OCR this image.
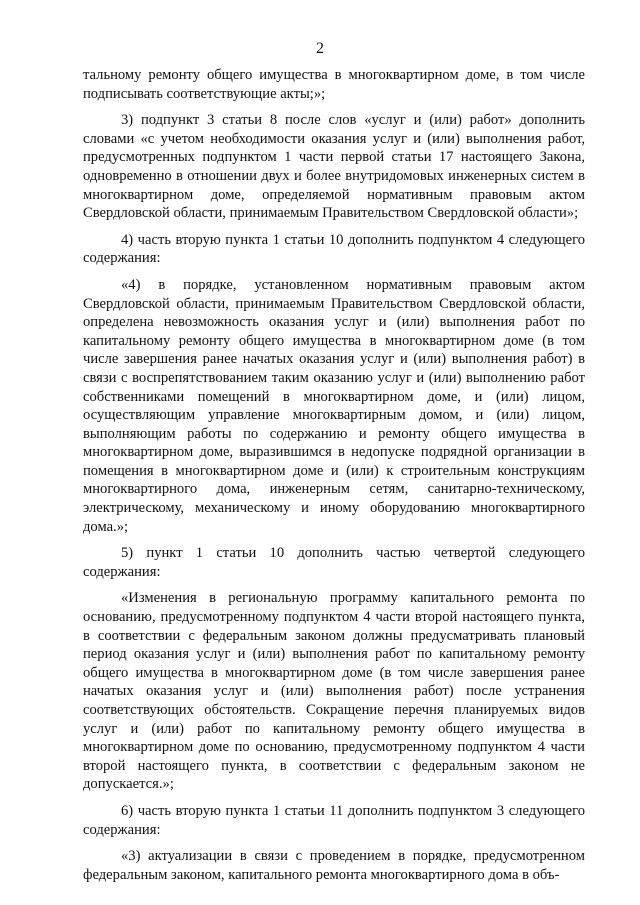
2

тальному ремонту общего имущества в многоквартирном доме, в том числе подписывать соответствующие акты;»;

3) подпункт 3 статьи 8 после слов «услуг и (или) работ» дополнить словами «с учетом необходимости оказания услуг и (или) выполнения работ, предусмотренных подпунктом 1 части первой статьи 17 настоящего Закона, одновременно в отношении двух и более внутридомовых инженерных систем в многоквартирном доме, определяемой нормативным правовым актом Свердловской области, принимаемым Правительством Свердловской области»;

4) часть вторую пункта 1 статьи 10 дополнить подпунктом 4 следующего содержания:

«4) в порядке, установленном нормативным правовым актом Свердловской области, принимаемым Правительством Свердловской области, определена невозможность оказания услуг и (или) выполнения работ по капитальному ремонту общего имущества в многоквартирном доме (в том числе завершения ранее начатых оказания услуг и (или) выполнения работ) в связи с воспрепятствованием таким оказанию услуг и (или) выполнению работ собственниками помещений в многоквартирном доме, и (или) лицом, осуществляющим управление многоквартирным домом, и (или) лицом, выполняющим работы по содержанию и ремонту общего имущества в многоквартирном доме, выразившимся в недопуске подрядной организации в помещения в многоквартирном доме и (или) к строительным конструкциям многоквартирного дома, инженерным сетям, санитарно-техническому, электрическому, механическому и иному оборудованию многоквартирного дома.»;

5) пункт 1 статьи 10 дополнить частью четвертой следующего содержания:

«Изменения в региональную программу капитального ремонта по основанию, предусмотренному подпунктом 4 части второй настоящего пункта, в соответствии с федеральным законом должны предусматривать плановый период оказания услуг и (или) выполнения работ по капитальному ремонту общего имущества в многоквартирном доме (в том числе завершения ранее начатых оказания услуг и (или) выполнения работ) после устранения соответствующих обстоятельств. Сокращение перечня планируемых видов услуг и (или) работ по капитальному ремонту общего имущества в многоквартирном доме по основанию, предусмотренному подпунктом 4 части второй настоящего пункта, в соответствии с федеральным законом не допускается.»;

6) часть вторую пункта 1 статьи 11 дополнить подпунктом 3 следующего содержания:

«3) актуализации в связи с проведением в порядке, предусмотренном федеральным законом, капитального ремонта многоквартирного дома в объ-
